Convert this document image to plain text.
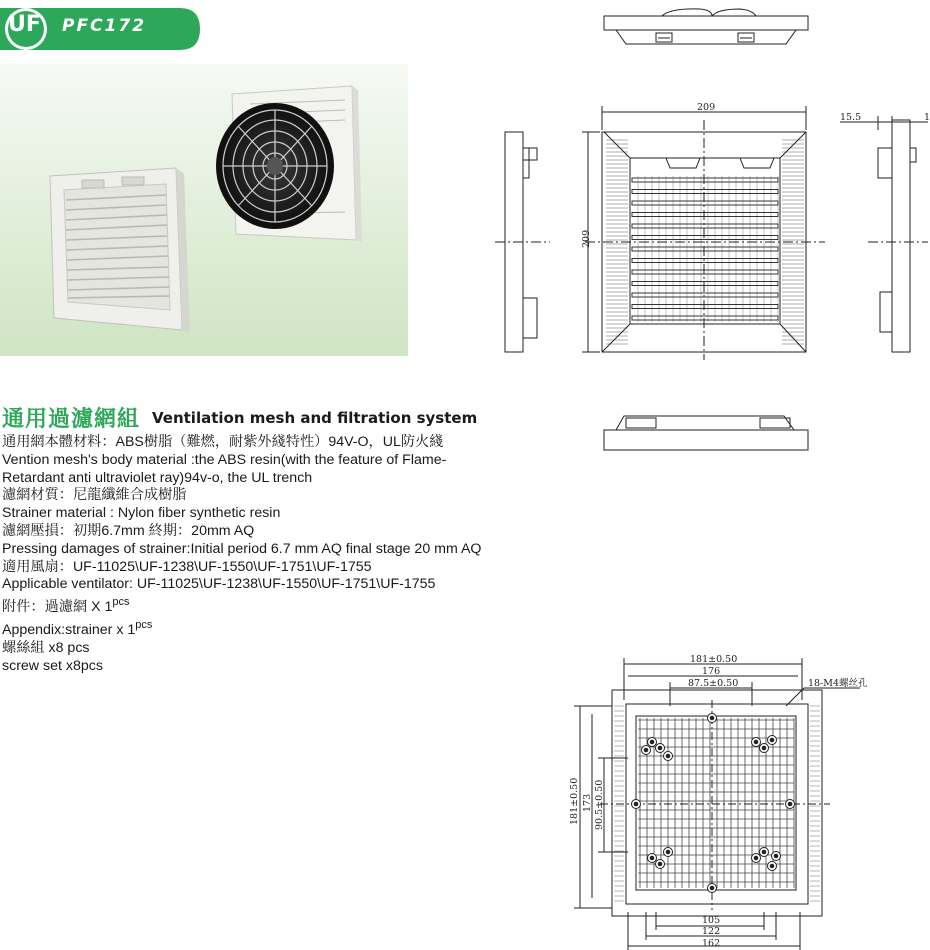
UF PFC172
通用過濾網組 Ventilation mesh and filtration system
通用網本體材料：ABS樹脂（難燃，耐紫外綫特性）94V-O，UL防火綫
Vention mesh's body material :the ABS resin(with the feature of Flame-
Retardant anti ultraviolet ray)94v-o, the UL trench
濾網材質：尼龍纖維合成樹脂
Strainer material : Nylon fiber synthetic resin
濾網壓損：初期6.7mm 終期：20mm AQ
Pressing damages of strainer:Initial period 6.7 mm AQ final stage 20 mm AQ
適用風扇：UF-11025\UF-1238\UF-1550\UF-1751\UF-1755
Applicable ventilator: UF-11025\UF-1238\UF-1550\UF-1751\UF-1755
附件：過濾網 X $1^{pcs}$
Appendix:strainer x $1^{pcs}$
螺絲組 x8 pcs
screw set x8pcs
209
209
15.5	1
181±0.50
176
87.5±0.50	18-M4螺丝孔
181±0.50 173 90.5±0.50
105
122
162
